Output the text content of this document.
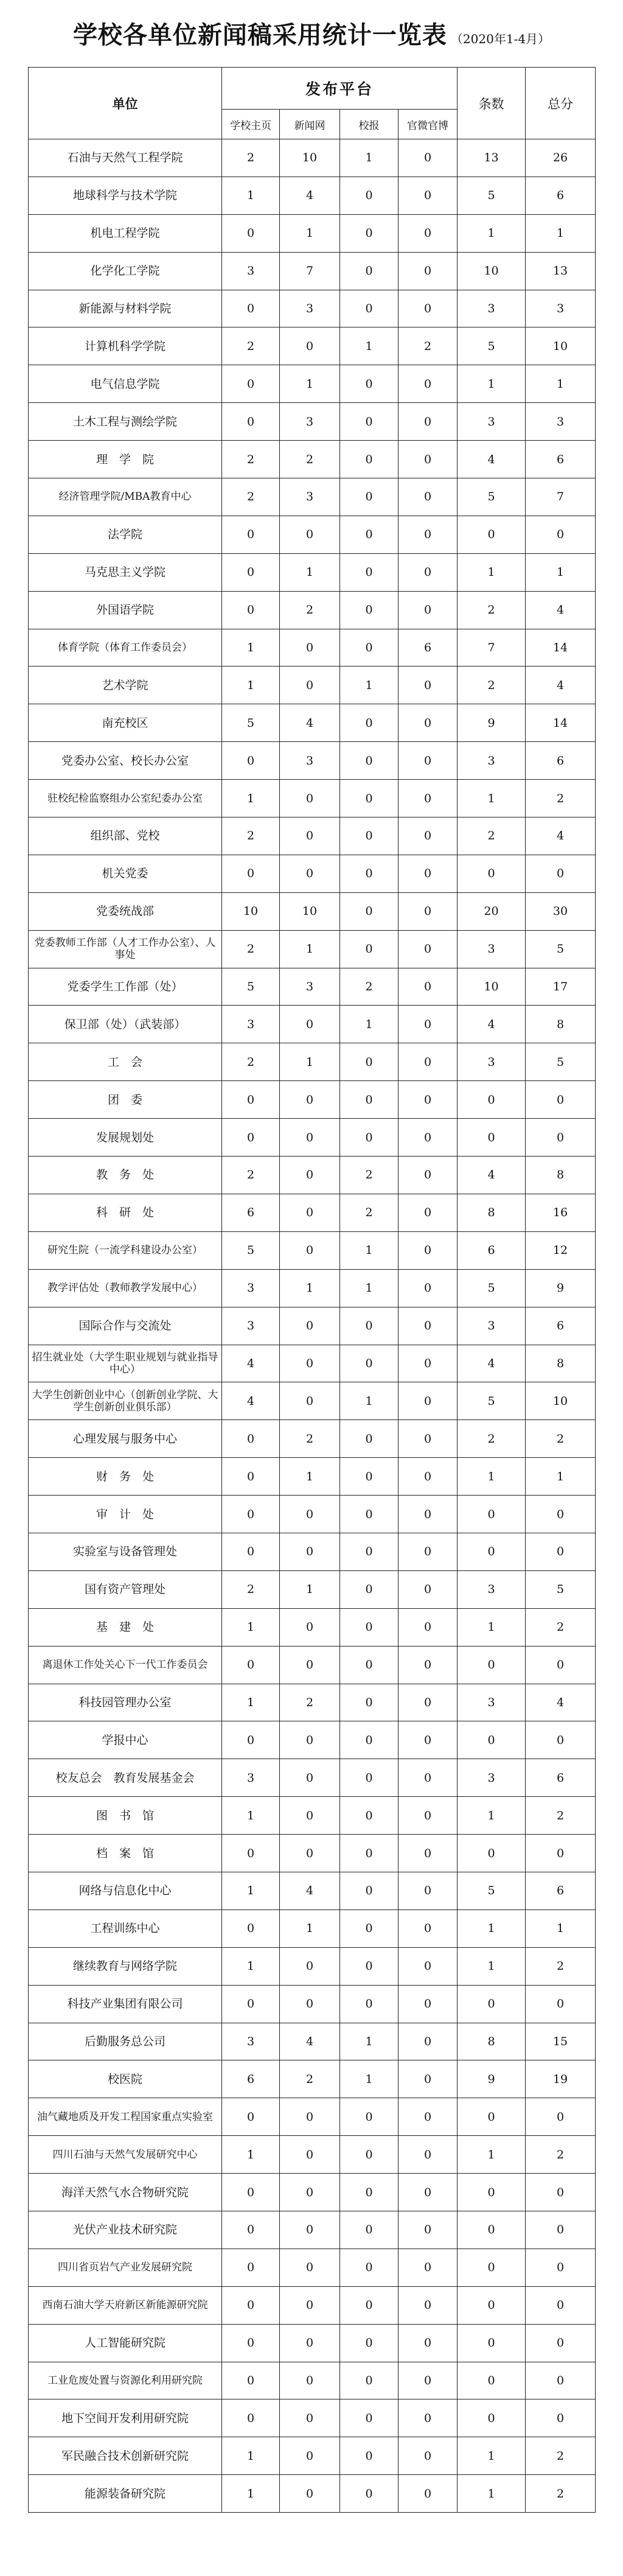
学校各单位新闻稿采用统计一览表 （2020年1-4月）
单位	发布平台				条数	总分
	学校主页	新闻网	校报	官微官博		
石油与天然气工程学院	2	10	1	0	13	26
地球科学与技术学院	1	4	0	0	5	6
机电工程学院	0	1	0	0	1	1
化学化工学院	3	7	0	0	10	13
新能源与材料学院	0	3	0	0	3	3
计算机科学学院	2	0	1	2	5	10
电气信息学院	0	1	0	0	1	1
土木工程与测绘学院	0	3	0	0	3	3
理　学　院	2	2	0	0	4	6
经济管理学院/MBA教育中心	2	3	0	0	5	7
法学院	0	0	0	0	0	0
马克思主义学院	0	1	0	0	1	1
外国语学院	0	2	0	0	2	4
体育学院（体育工作委员会）	1	0	0	6	7	14
艺术学院	1	0	1	0	2	4
南充校区	5	4	0	0	9	14
党委办公室、校长办公室	0	3	0	0	3	6
驻校纪检监察组办公室纪委办公室	1	0	0	0	1	2
组织部、党校	2	0	0	0	2	4
机关党委	0	0	0	0	0	0
党委统战部	10	10	0	0	20	30
党委教师工作部（人才工作办公室）、人事处	2	1	0	0	3	5
党委学生工作部（处）	5	3	2	0	10	17
保卫部（处）（武装部）	3	0	1	0	4	8
工　会	2	1	0	0	3	5
团　委	0	0	0	0	0	0
发展规划处	0	0	0	0	0	0
教　务　处	2	0	2	0	4	8
科　研　处	6	0	2	0	8	16
研究生院（一流学科建设办公室）	5	0	1	0	6	12
教学评估处（教师教学发展中心）	3	1	1	0	5	9
国际合作与交流处	3	0	0	0	3	6
招生就业处（大学生职业规划与就业指导中心）	4	0	0	0	4	8
大学生创新创业中心（创新创业学院、大学生创新创业俱乐部）	4	0	1	0	5	10
心理发展与服务中心	0	2	0	0	2	2
财　务　处	0	1	0	0	1	1
审　计　处	0	0	0	0	0	0
实验室与设备管理处	0	0	0	0	0	0
国有资产管理处	2	1	0	0	3	5
基　建　处	1	0	0	0	1	2
离退休工作处关心下一代工作委员会	0	0	0	0	0	0
科技园管理办公室	1	2	0	0	3	4
学报中心	0	0	0	0	0	0
校友总会　教育发展基金会	3	0	0	0	3	6
图　书　馆	1	0	0	0	1	2
档　案　馆	0	0	0	0	0	0
网络与信息化中心	1	4	0	0	5	6
工程训练中心	0	1	0	0	1	1
继续教育与网络学院	1	0	0	0	1	2
科技产业集团有限公司	0	0	0	0	0	0
后勤服务总公司	3	4	1	0	8	15
校医院	6	2	1	0	9	19
油气藏地质及开发工程国家重点实验室	0	0	0	0	0	0
四川石油与天然气发展研究中心	1	0	0	0	1	2
海洋天然气水合物研究院	0	0	0	0	0	0
光伏产业技术研究院	0	0	0	0	0	0
四川省页岩气产业发展研究院	0	0	0	0	0	0
西南石油大学天府新区新能源研究院	0	0	0	0	0	0
人工智能研究院	0	0	0	0	0	0
工业危废处置与资源化利用研究院	0	0	0	0	0	0
地下空间开发利用研究院	0	0	0	0	0	0
军民融合技术创新研究院	1	0	0	0	1	2
能源装备研究院	1	0	0	0	1	2
